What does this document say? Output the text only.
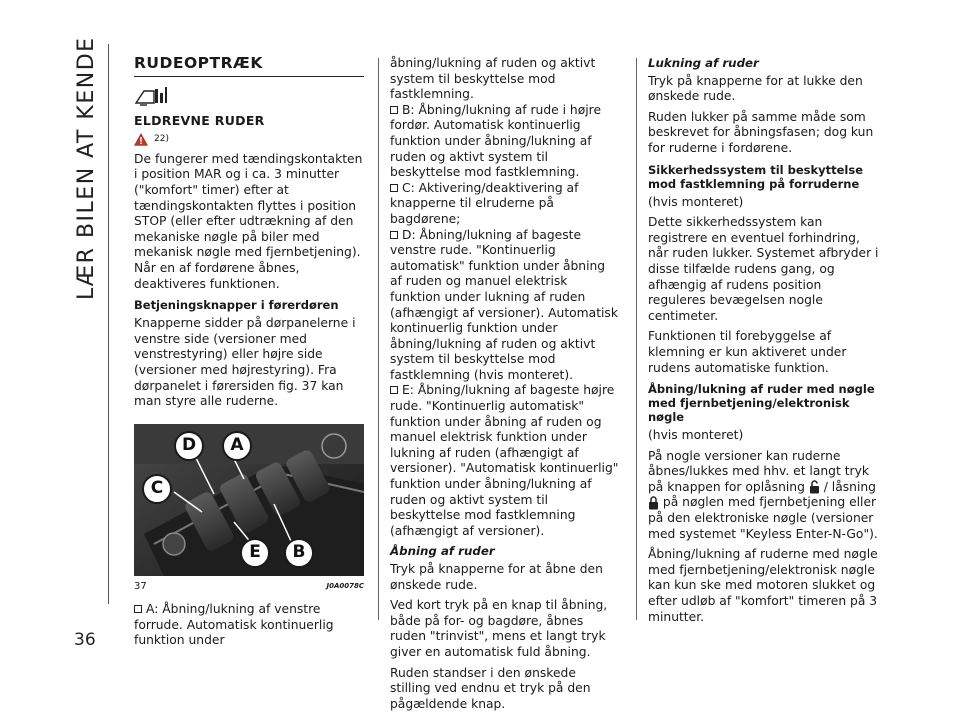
LÆR BILEN AT KENDE
36
RUDEOPTRÆK
ELDREVNE RUDER
22)

De fungerer med tændingskontakten i position MAR og i ca. 3 minutter ("komfort" timer) efter at tændingskontakten flyttes i position STOP (eller efter udtrækning af den mekaniske nøgle på biler med mekanisk nøgle med fjernbetjening). Når en af fordørene åbnes, deaktiveres funktionen.

Betjeningsknapper i førerdøren

Knapperne sidder på dørpanelerne i venstre side (versioner med venstrestyring) eller højre side (versioner med højrestyring). Fra dørpanelet i førersiden fig. 37 kan man styre alle ruderne.

D	A
C
E	B
37	J0A0078C

A: Åbning/lukning af venstre forrude. Automatisk kontinuerlig funktion under

åbning/lukning af ruden og aktivt system til beskyttelse mod fastklemning.

B: Åbning/lukning af rude i højre fordør. Automatisk kontinuerlig funktion under åbning/lukning af ruden og aktivt system til beskyttelse mod fastklemning.

C: Aktivering/deaktivering af knapperne til elruderne på bagdørene;

D: Åbning/lukning af bageste venstre rude. "Kontinuerlig automatisk" funktion under åbning af ruden og manuel elektrisk funktion under lukning af ruden (afhængigt af versioner). Automatisk kontinuerlig funktion under åbning/lukning af ruden og aktivt system til beskyttelse mod fastklemning (hvis monteret).

E: Åbning/lukning af bageste højre rude. "Kontinuerlig automatisk" funktion under åbning af ruden og manuel elektrisk funktion under lukning af ruden (afhængigt af versioner). "Automatisk kontinuerlig" funktion under åbning/lukning af ruden og aktivt system til beskyttelse mod fastklemning (afhængigt af versioner).

Åbning af ruder

Tryk på knapperne for at åbne den ønskede rude.

Ved kort tryk på en knap til åbning, både på for- og bagdøre, åbnes ruden "trinvist", mens et langt tryk giver en automatisk fuld åbning.

Ruden standser i den ønskede stilling ved endnu et tryk på den pågældende knap.

Lukning af ruder

Tryk på knapperne for at lukke den ønskede rude.

Ruden lukker på samme måde som beskrevet for åbningsfasen; dog kun for ruderne i fordørene.

Sikkerhedssystem til beskyttelse mod fastklemning på forruderne

(hvis monteret)

Dette sikkerhedssystem kan registrere en eventuel forhindring, når ruden lukker. Systemet afbryder i disse tilfælde rudens gang, og afhængig af rudens position reguleres bevægelsen nogle centimeter.

Funktionen til forebyggelse af klemning er kun aktiveret under rudens automatiske funktion.

Åbning/lukning af ruder med nøgle med fjernbetjening/elektronisk nøgle

(hvis monteret)

På nogle versioner kan ruderne åbnes/lukkes med hhv. et langt tryk på knappen for oplåsning / låsning  på nøglen med fjernbetjening eller på den elektroniske nøgle (versioner med systemet "Keyless Enter-N-Go").

Åbning/lukning af ruderne med nøgle med fjernbetjening/elektronisk nøgle kan kun ske med motoren slukket og efter udløb af "komfort" timeren på 3 minutter.
